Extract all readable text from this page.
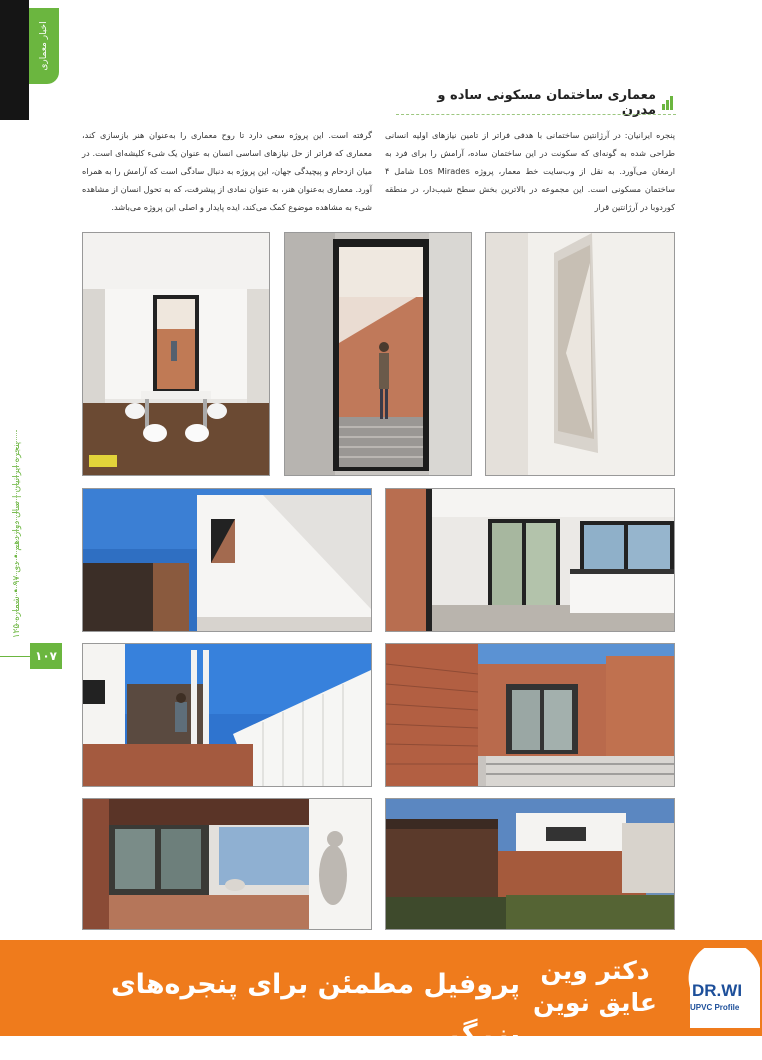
اخبار معماری
پنجره ایرانیان | سال دوازدهم • دی ۹۷ • شماره ۱۲۵
۱۰۷
معماری ساختمان مسکونی ساده و مدرن
پنجره ایرانیان: در آرژانتین ساختمانی با هدفی فراتر از تامین نیازهای اولیه انسانی طراحی شده به گونه‌ای که سکونت در این ساختمان ساده، آرامش را برای فرد به ارمغان می‌آورد. به نقل از وب‌سایت خط معمار، پروژه Los Mirades شامل ۴ ساختمان مسکونی است. این مجموعه در بالاترین بخش سطح شیب‌دار، در منطقه کوردوبا در آرژانتین قرار
گرفته است. این پروژه سعی دارد تا روح معماری را به‌عنوان هنر بازسازی کند، معماری که فراتر از حل نیازهای اساسی انسان به عنوان یک شیء کلیشه‌ای است. در میان ازدحام و پیچیدگی جهان، این پروژه به دنبال سادگی است که آرامش را به همراه آورد. معماری به‌عنوان هنر، به عنوان نمادی از پیشرفت، که به تحول انسان از مشاهده شیء به مشاهده موضوع کمک می‌کند، ایده پایدار و اصلی این پروژه می‌باشد.
پروفیل مطمئن برای پنجره‌های بزرگ
دکتر وین
عایق نوین	DR.WI
UPVC Profile
